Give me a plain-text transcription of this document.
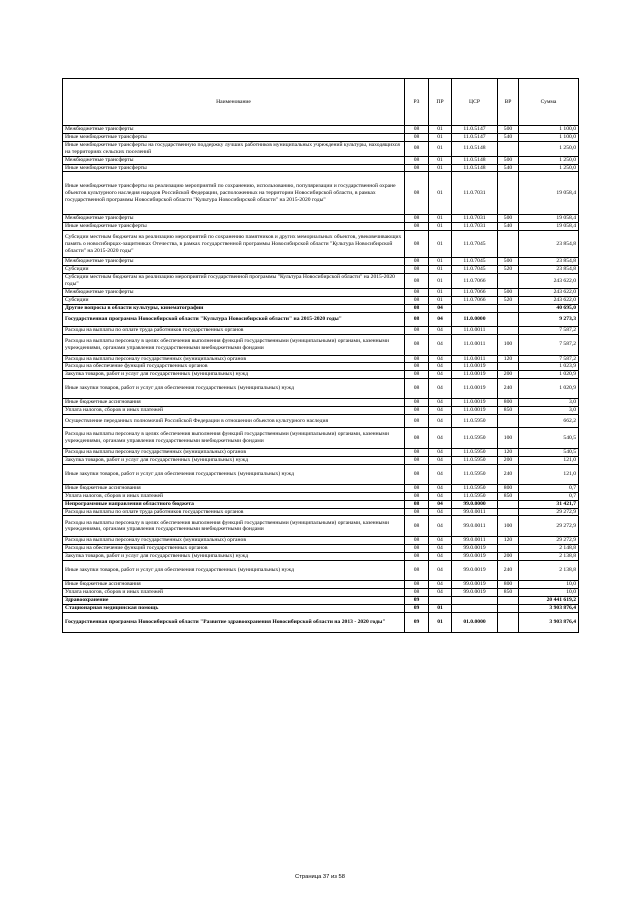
Наименование	РЗ	ПР	ЦСР	ВР	Сумма
Межбюджетные трансферты	08	01	11.0.5147	500	1 100,0
Иные межбюджетные трансферты	08	01	11.0.5147	540	1 100,0
Иные межбюджетные трансферты на государственную поддержку лучших работников муниципальных учреждений культуры, находящихся на территориях сельских поселений	08	01	11.0.5148		1 250,0
Межбюджетные трансферты	08	01	11.0.5148	500	1 250,0
Иные межбюджетные трансферты	08	01	11.0.5148	540	1 250,0
Иные межбюджетные трансферты на реализацию мероприятий по сохранению, использованию, популяризации и государственной охране объектов культурного наследия народов Российской Федерации, расположенных на территории Новосибирской области, в рамках государственной программы Новосибирской области "Культура Новосибирской области" на 2015-2020 годы"	08	01	11.0.7031		19 058,4
Межбюджетные трансферты	08	01	11.0.7031	500	19 058,4
Иные межбюджетные трансферты	08	01	11.0.7031	540	19 058,4
Субсидии местным бюджетам на реализацию мероприятий по сохранению памятников и других мемориальных объектов, увековечивающих память о новосибирцах-защитниках Отечества, в рамках государственной программы Новосибирской области "Культура Новосибирской области" на 2015-2020 годы"	08	01	11.0.7045		23 854,8
Межбюджетные трансферты	08	01	11.0.7045	500	23 854,8
Субсидии	08	01	11.0.7045	520	23 854,8
Субсидии местным бюджетам на реализацию мероприятий государственной программы "Культура Новосибирской области" на 2015-2020 годы"	08	01	11.0.7066		243 622,0
Межбюджетные трансферты	08	01	11.0.7066	500	243 622,0
Субсидии	08	01	11.0.7066	520	243 622,0
Другие вопросы в области культуры, кинематографии	08	04			40 695,0
Государственная программа Новосибирской области "Культура Новосибирской области" на 2015-2020 годы"	08	04	11.0.0000		9 273,3
Расходы на выплаты по оплате труда работников государственных органов	08	04	11.0.0011		7 587,2
Расходы на выплаты персоналу в целях обеспечения выполнения функций государственными (муниципальными) органами, казенными учреждениями, органами управления государственными внебюджетными фондами	08	04	11.0.0011	100	7 587,2
Расходы на выплаты персоналу государственных (муниципальных) органов	08	04	11.0.0011	120	7 587,2
Расходы на обеспечение функций государственных органов	08	04	11.0.0019		1 023,9
Закупка товаров, работ и услуг для государственных (муниципальных) нужд	08	04	11.0.0019	200	1 020,9
Иные закупки товаров, работ и услуг для обеспечения государственных (муниципальных) нужд	08	04	11.0.0019	240	1 020,9
Иные бюджетные ассигнования	08	04	11.0.0019	800	3,0
Уплата налогов, сборов и иных платежей	08	04	11.0.0019	850	3,0
Осуществление переданных полномочий Российской Федерации в отношении объектов культурного наследия	08	04	11.0.5950		662,2
Расходы на выплаты персоналу в целях обеспечения выполнения функций государственными (муниципальными) органами, казенными учреждениями, органами управления государственными внебюджетными фондами	08	04	11.0.5950	100	540,5
Расходы на выплаты персоналу государственных (муниципальных) органов	08	04	11.0.5950	120	540,5
Закупка товаров, работ и услуг для государственных (муниципальных) нужд	08	04	11.0.5950	200	121,0
Иные закупки товаров, работ и услуг для обеспечения государственных (муниципальных) нужд	08	04	11.0.5950	240	121,0
Иные бюджетные ассигнования	08	04	11.0.5950	800	0,7
Уплата налогов, сборов и иных платежей	08	04	11.0.5950	850	0,7
Непрограммные направления областного бюджета	08	04	99.0.0000		31 421,7
Расходы на выплаты по оплате труда работников государственных органов	08	04	99.0.0011		29 272,9
Расходы на выплаты персоналу в целях обеспечения выполнения функций государственными (муниципальными) органами, казенными учреждениями, органами управления государственными внебюджетными фондами	08	04	99.0.0011	100	29 272,9
Расходы на выплаты персоналу государственных (муниципальных) органов	08	04	99.0.0011	120	29 272,9
Расходы на обеспечение функций государственных органов	08	04	99.0.0019		2 148,8
Закупка товаров, работ и услуг для государственных (муниципальных) нужд	08	04	99.0.0019	200	2 138,8
Иные закупки товаров, работ и услуг для обеспечения государственных (муниципальных) нужд	08	04	99.0.0019	240	2 138,8
Иные бюджетные ассигнования	08	04	99.0.0019	800	10,0
Уплата налогов, сборов и иных платежей	08	04	99.0.0019	850	10,0
Здравоохранение	09				20 441 619,2
Стационарная медицинская помощь	09	01			3 903 876,4
Государственная программа Новосибирской области "Развитие здравоохранения Новосибирской области на 2013 - 2020 годы"	09	01	01.0.0000		3 903 876,4
Страница 37 из 58
